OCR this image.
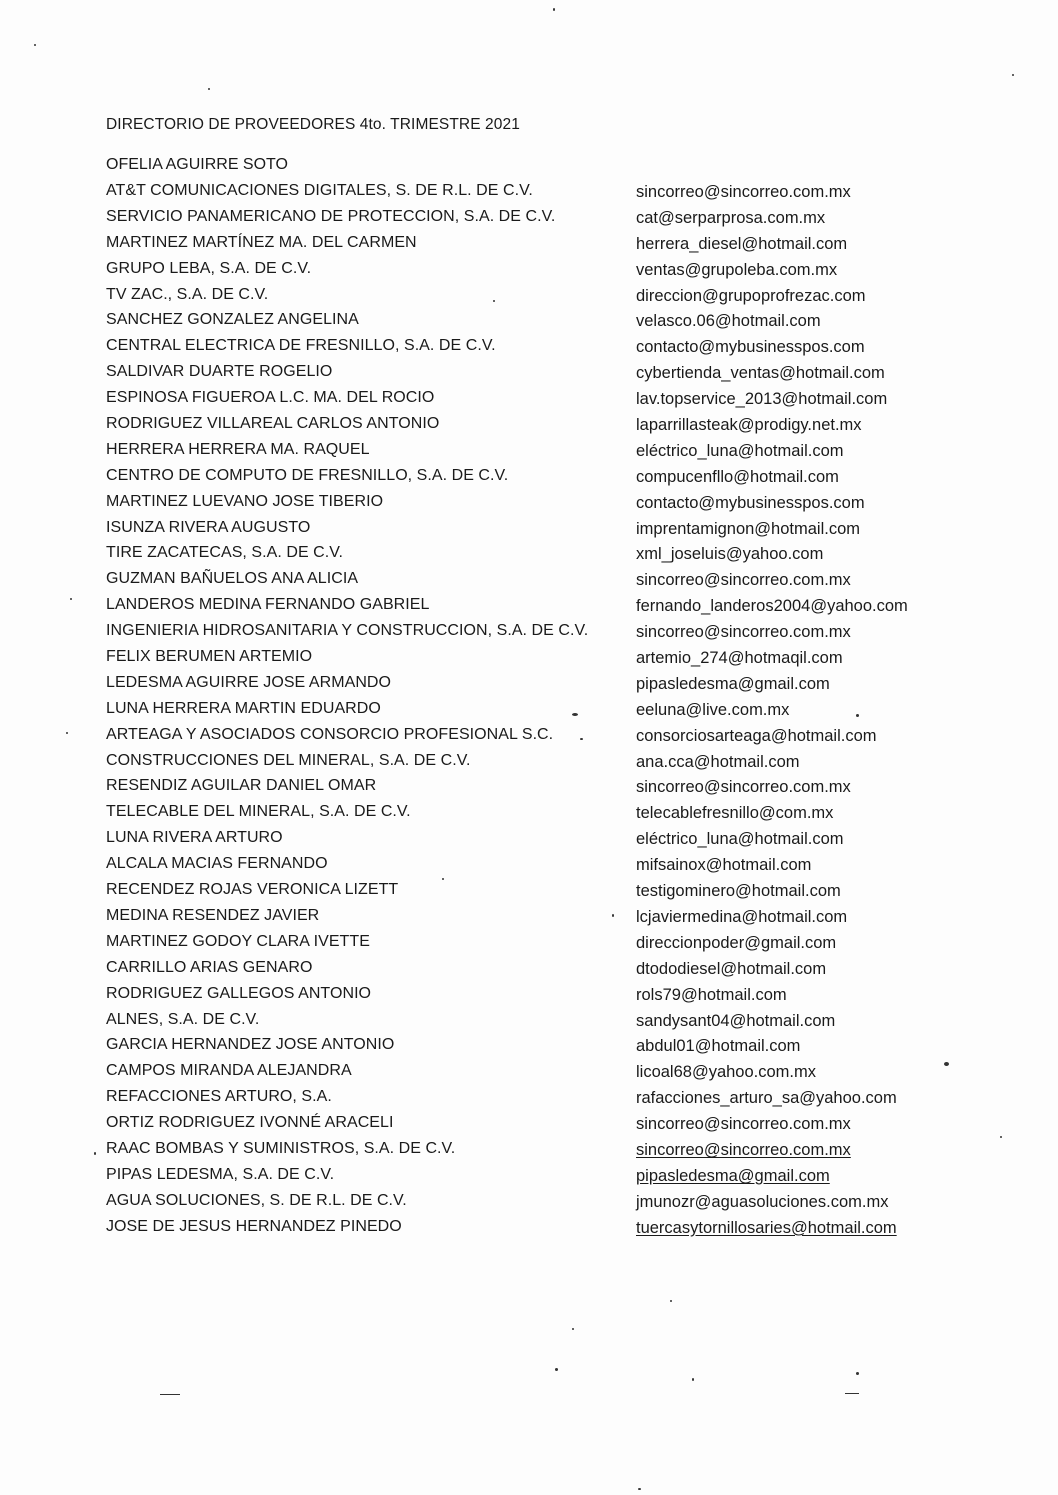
DIRECTORIO DE PROVEEDORES 4to. TRIMESTRE 2021
OFELIA AGUIRRE SOTO
AT&T COMUNICACIONES DIGITALES, S. DE R.L. DE C.V.	sincorreo@sincorreo.com.mx
SERVICIO PANAMERICANO DE PROTECCION, S.A. DE C.V.	cat@serparprosa.com.mx
MARTINEZ MARTÍNEZ MA. DEL CARMEN	herrera_diesel@hotmail.com
GRUPO LEBA, S.A. DE C.V.	ventas@grupoleba.com.mx
TV ZAC., S.A. DE C.V.	direccion@grupoprofrezac.com
SANCHEZ GONZALEZ ANGELINA	velasco.06@hotmail.com
CENTRAL ELECTRICA DE FRESNILLO, S.A. DE C.V.	contacto@mybusinesspos.com
SALDIVAR DUARTE ROGELIO	cybertienda_ventas@hotmail.com
ESPINOSA FIGUEROA L.C. MA. DEL ROCIO	lav.topservice_2013@hotmail.com
RODRIGUEZ VILLAREAL CARLOS ANTONIO	laparrillasteak@prodigy.net.mx
HERRERA HERRERA MA. RAQUEL	eléctrico_luna@hotmail.com
CENTRO DE COMPUTO DE FRESNILLO, S.A. DE C.V.	compucenfllo@hotmail.com
MARTINEZ LUEVANO JOSE TIBERIO	contacto@mybusinesspos.com
ISUNZA RIVERA AUGUSTO	imprentamignon@hotmail.com
TIRE ZACATECAS, S.A. DE C.V.	xml_joseluis@yahoo.com
GUZMAN BAÑUELOS ANA ALICIA	sincorreo@sincorreo.com.mx
LANDEROS MEDINA FERNANDO GABRIEL	fernando_landeros2004@yahoo.com
INGENIERIA HIDROSANITARIA Y CONSTRUCCION, S.A. DE C.V.	sincorreo@sincorreo.com.mx
FELIX BERUMEN ARTEMIO	artemio_274@hotmaqil.com
LEDESMA AGUIRRE JOSE ARMANDO	pipasledesma@gmail.com
LUNA HERRERA MARTIN EDUARDO	eeluna@live.com.mx
ARTEAGA Y ASOCIADOS CONSORCIO PROFESIONAL S.C.	consorciosarteaga@hotmail.com
CONSTRUCCIONES DEL MINERAL, S.A. DE C.V.	ana.cca@hotmail.com
RESENDIZ AGUILAR DANIEL OMAR	sincorreo@sincorreo.com.mx
TELECABLE DEL MINERAL, S.A. DE C.V.	telecablefresnillo@com.mx
LUNA RIVERA ARTURO	eléctrico_luna@hotmail.com
ALCALA MACIAS FERNANDO	mifsainox@hotmail.com
RECENDEZ ROJAS VERONICA LIZETT	testigominero@hotmail.com
MEDINA RESENDEZ JAVIER	lcjaviermedina@hotmail.com
MARTINEZ GODOY CLARA IVETTE	direccionpoder@gmail.com
CARRILLO ARIAS GENARO	dtododiesel@hotmail.com
RODRIGUEZ GALLEGOS ANTONIO	rols79@hotmail.com
ALNES, S.A. DE C.V.	sandysant04@hotmail.com
GARCIA HERNANDEZ JOSE ANTONIO	abdul01@hotmail.com
CAMPOS MIRANDA ALEJANDRA	licoal68@yahoo.com.mx
REFACCIONES ARTURO, S.A.	rafacciones_arturo_sa@yahoo.com
ORTIZ RODRIGUEZ IVONNÉ ARACELI	sincorreo@sincorreo.com.mx
RAAC BOMBAS Y SUMINISTROS, S.A. DE C.V.	sincorreo@sincorreo.com.mx
PIPAS LEDESMA, S.A. DE C.V.	pipasledesma@gmail.com
AGUA SOLUCIONES, S. DE R.L. DE C.V.	jmunozr@aguasoluciones.com.mx
JOSE DE JESUS HERNANDEZ PINEDO	tuercasytornillosaries@hotmail.com
